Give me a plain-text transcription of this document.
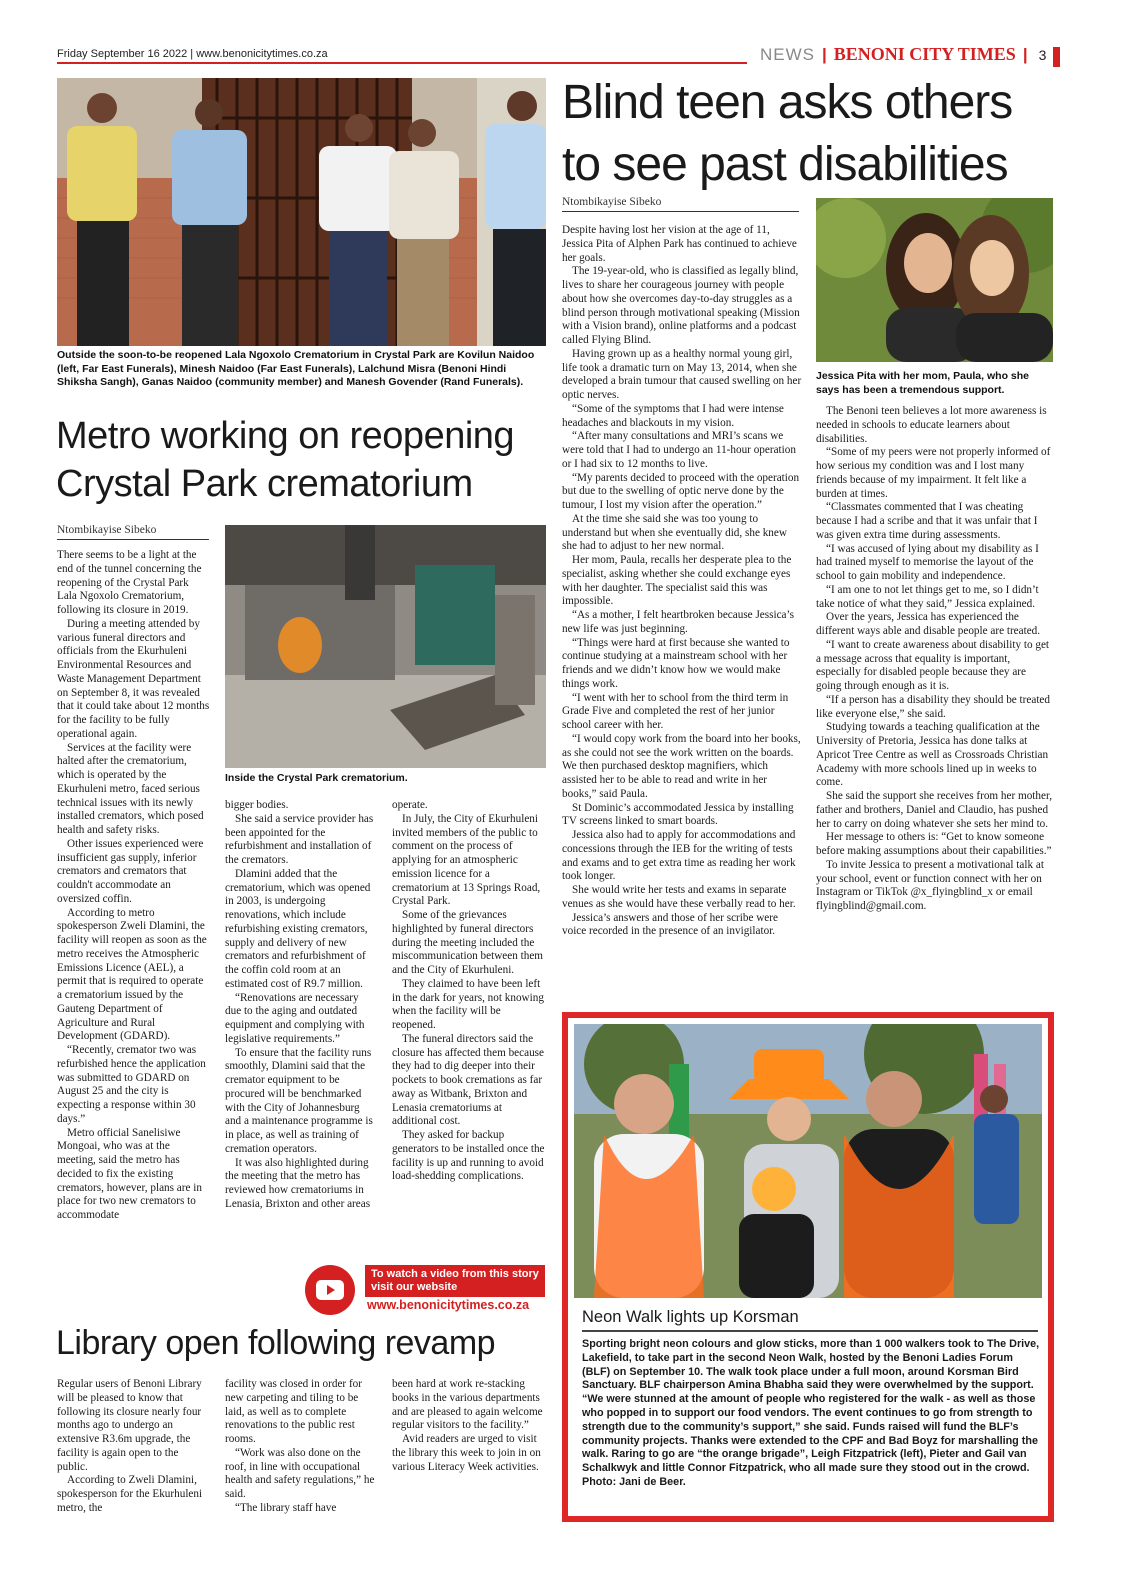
Friday September 16 2022 | www.benonicitytimes.co.za	NEWS | BENONI CITY TIMES | 3
Outside the soon-to-be reopened Lala Ngoxolo Crematorium in Crystal Park are Kovilun Naidoo (left, Far East Funerals), Minesh Naidoo (Far East Funerals), Lalchund Misra (Benoni Hindi Shiksha Sangh), Ganas Naidoo (community member) and Manesh Govender (Rand Funerals).
Metro working on reopening Crystal Park crematorium
Ntombikayise Sibeko
Inside the Crystal Park crematorium.

There seems to be a light at the end of the tunnel concerning the reopening of the Crystal Park Lala Ngoxolo Crematorium, following its closure in 2019.

During a meeting attended by various funeral directors and officials from the Ekurhuleni Environmental Resources and Waste Management Department on September 8, it was revealed that it could take about 12 months for the facility to be fully operational again.

Services at the facility were halted after the crematorium, which is operated by the Ekurhuleni metro, faced serious technical issues with its newly installed cremators, which posed health and safety risks.

Other issues experienced were insufficient gas supply, inferior cremators and cremators that couldn't accommodate an oversized coffin.

According to metro spokesperson Zweli Dlamini, the facility will reopen as soon as the metro receives the Atmospheric Emissions Licence (AEL), a permit that is required to operate a crematorium issued by the Gauteng Department of Agriculture and Rural Development (GDARD).

“Recently, cremator two was refurbished hence the application was submitted to GDARD on August 25 and the city is expecting a response within 30 days.”

Metro official Sanelisiwe Mongoai, who was at the meeting, said the metro has decided to fix the existing cremators, however, plans are in place for two new cremators to accommodate

bigger bodies.

She said a service provider has been appointed for the refurbishment and installation of the cremators.

Dlamini added that the crematorium, which was opened in 2003, is undergoing renovations, which include refurbishing existing cremators, supply and delivery of new cremators and refurbishment of the coffin cold room at an estimated cost of R9.7 million.

“Renovations are necessary due to the aging and outdated equipment and complying with legislative requirements.”

To ensure that the facility runs smoothly, Dlamini said that the cremator equipment to be procured will be benchmarked with the City of Johannesburg and a maintenance programme is in place, as well as training of cremation operators.

It was also highlighted during the meeting that the metro has reviewed how crematoriums in Lenasia, Brixton and other areas

operate.

In July, the City of Ekurhuleni invited members of the public to comment on the process of applying for an atmospheric emission licence for a crematorium at 13 Springs Road, Crystal Park.

Some of the grievances highlighted by funeral directors during the meeting included the miscommunication between them and the City of Ekurhuleni.

They claimed to have been left in the dark for years, not knowing when the facility will be reopened.

The funeral directors said the closure has affected them because they had to dig deeper into their pockets to book cremations as far away as Witbank, Brixton and Lenasia crematoriums at additional cost.

They asked for backup generators to be installed once the facility is up and running to avoid load-shedding complications.

To watch a video from this story visit our website
www.benonicitytimes.co.za
Library open following revamp

Regular users of Benoni Library will be pleased to know that following its closure nearly four months ago to undergo an extensive R3.6m upgrade, the facility is again open to the public.

According to Zweli Dlamini, spokesperson for the Ekurhuleni metro, the

facility was closed in order for new carpeting and tiling to be laid, as well as to complete renovations to the public rest rooms.

“Work was also done on the roof, in line with occupational health and safety regulations,” he said.

“The library staff have

been hard at work re-stacking books in the various departments and are pleased to again welcome regular visitors to the facility.”

Avid readers are urged to visit the library this week to join in on various Literacy Week activities.

Blind teen asks others to see past disabilities
Ntombikayise Sibeko
Jessica Pita with her mom, Paula, who she says has been a tremendous support.

Despite having lost her vision at the age of 11, Jessica Pita of Alphen Park has continued to achieve her goals.

The 19-year-old, who is classified as legally blind, lives to share her courageous journey with people about how she overcomes day-to-day struggles as a blind person through motivational speaking (Mission with a Vision brand), online platforms and a podcast called Flying Blind.

Having grown up as a healthy normal young girl, life took a dramatic turn on May 13, 2014, when she developed a brain tumour that caused swelling on her optic nerves.

“Some of the symptoms that I had were intense headaches and blackouts in my vision.

“After many consultations and MRI’s scans we were told that I had to undergo an 11-hour operation or I had six to 12 months to live.

“My parents decided to proceed with the operation but due to the swelling of optic nerve done by the tumour, I lost my vision after the operation.”

At the time she said she was too young to understand but when she eventually did, she knew she had to adjust to her new normal.

Her mom, Paula, recalls her desperate plea to the specialist, asking whether she could exchange eyes with her daughter. The specialist said this was impossible.

“As a mother, I felt heartbroken because Jessica’s new life was just beginning.

“Things were hard at first because she wanted to continue studying at a mainstream school with her friends and we didn’t know how we would make things work.

“I went with her to school from the third term in Grade Five and completed the rest of her junior school career with her.

“I would copy work from the board into her books, as she could not see the work written on the boards. We then purchased desktop magnifiers, which assisted her to be able to read and write in her books,” said Paula.

St Dominic’s accommodated Jessica by installing TV screens linked to smart boards.

Jessica also had to apply for accommodations and concessions through the IEB for the writing of tests and exams and to get extra time as reading her work took longer.

She would write her tests and exams in separate venues as she would have these verbally read to her.

Jessica’s answers and those of her scribe were voice recorded in the presence of an invigilator.

The Benoni teen believes a lot more awareness is needed in schools to educate learners about disabilities.

“Some of my peers were not properly informed of how serious my condition was and I lost many friends because of my impairment. It felt like a burden at times.

“Classmates commented that I was cheating because I had a scribe and that it was unfair that I was given extra time during assessments.

“I was accused of lying about my disability as I had trained myself to memorise the layout of the school to gain mobility and independence.

“I am one to not let things get to me, so I didn’t take notice of what they said,” Jessica explained.

Over the years, Jessica has experienced the different ways able and disable people are treated.

“I want to create awareness about disability to get a message across that equality is important, especially for disabled people because they are going through enough as it is.

“If a person has a disability they should be treated like everyone else,” she said.

Studying towards a teaching qualification at the University of Pretoria, Jessica has done talks at Apricot Tree Centre as well as Crossroads Christian Academy with more schools lined up in weeks to come.

She said the support she receives from her mother, father and brothers, Daniel and Claudio, has pushed her to carry on doing whatever she sets her mind to.

Her message to others is: “Get to know someone before making assumptions about their capabilities.”

To invite Jessica to present a motivational talk at your school, event or function connect with her on Instagram or TikTok @x_flyingblind_x or email flyingblind@gmail.com.

Neon Walk lights up Korsman
Sporting bright neon colours and glow sticks, more than 1 000 walkers took to The Drive, Lakefield, to take part in the second Neon Walk, hosted by the Benoni Ladies Forum (BLF) on September 10. The walk took place under a full moon, around Korsman Bird Sanctuary. BLF chairperson Amina Bhabha said they were overwhelmed by the support. “We were stunned at the amount of people who registered for the walk - as well as those who popped in to support our food vendors. The event continues to go from strength to strength due to the community’s support,” she said. Funds raised will fund the BLF’s community projects. Thanks were extended to the CPF and Bad Boyz for marshalling the walk. Raring to go are “the orange brigade”, Leigh Fitzpatrick (left), Pieter and Gail van Schalkwyk and little Connor Fitzpatrick, who all made sure they stood out in the crowd. Photo: Jani de Beer.
